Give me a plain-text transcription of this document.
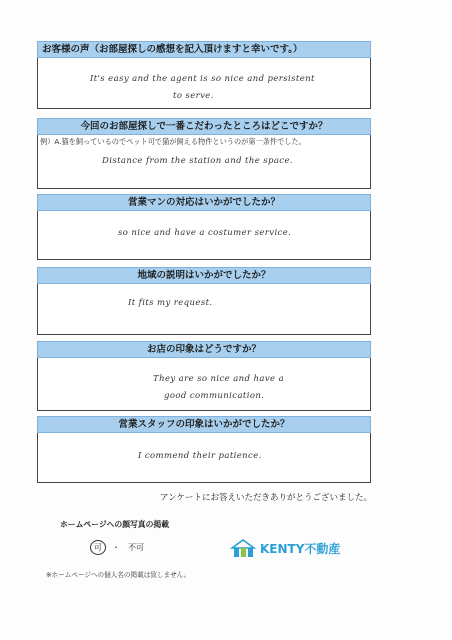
お客様の声（お部屋探しの感想を記入頂けますと幸いです。）
It's easy and the agent is so nice and persistent
to serve.
今回のお部屋探しで一番こだわったところはどこですか？
例）A.猫を飼っているのでペット可で猫が飼える物件というのが第一条件でした。
Distance from the station and the space.
営業マンの対応はいかがでしたか？
so nice and have a costumer service.
地域の説明はいかがでしたか？
It fits my request.
お店の印象はどうですか？
They are so nice and have a
good communication.
営業スタッフの印象はいかがでしたか？
I commend their patience.
アンケートにお答えいただきありがとうございました。
ホームページへの顔写真の掲載
可 ・ 不可
※ホームページへの個人名の掲載は致しません。
KENTY不動産
